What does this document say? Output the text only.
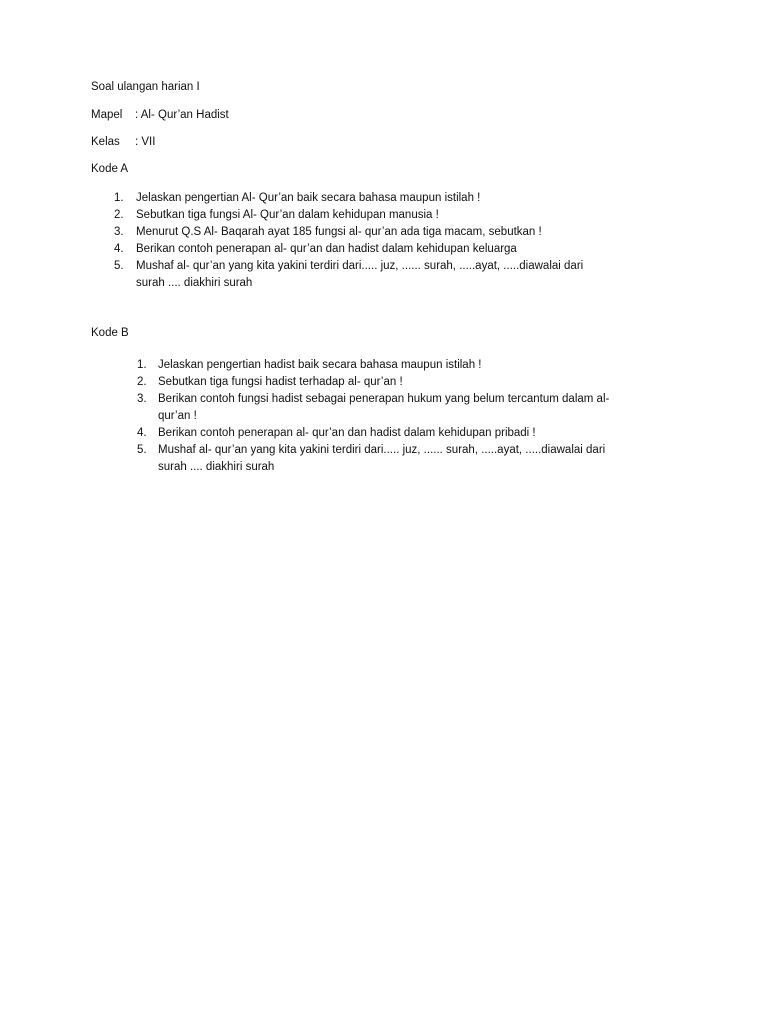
Soal ulangan harian I
Mapel : Al- Qur’an Hadist
Kelas : VII
Kode A
1.	Jelaskan pengertian Al- Qur’an baik secara bahasa maupun istilah !
2.	Sebutkan tiga fungsi Al- Qur’an dalam kehidupan manusia !
3.	Menurut Q.S Al- Baqarah ayat 185 fungsi al- qur’an ada tiga macam, sebutkan !
4.	Berikan contoh penerapan al- qur’an dan hadist dalam kehidupan keluarga
5.	Mushaf al- qur’an yang kita yakini terdiri dari..... juz, ...... surah, .....ayat, .....diawalai dari
surah .... diakhiri surah
Kode B
1. Jelaskan pengertian hadist baik secara bahasa maupun istilah !
2. Sebutkan tiga fungsi hadist terhadap al- qur’an !
3. Berikan contoh fungsi hadist sebagai penerapan hukum yang belum tercantum dalam al-
qur’an !
4. Berikan contoh penerapan al- qur’an dan hadist dalam kehidupan pribadi !
5. Mushaf al- qur’an yang kita yakini terdiri dari..... juz, ...... surah, .....ayat, .....diawalai dari
surah .... diakhiri surah
